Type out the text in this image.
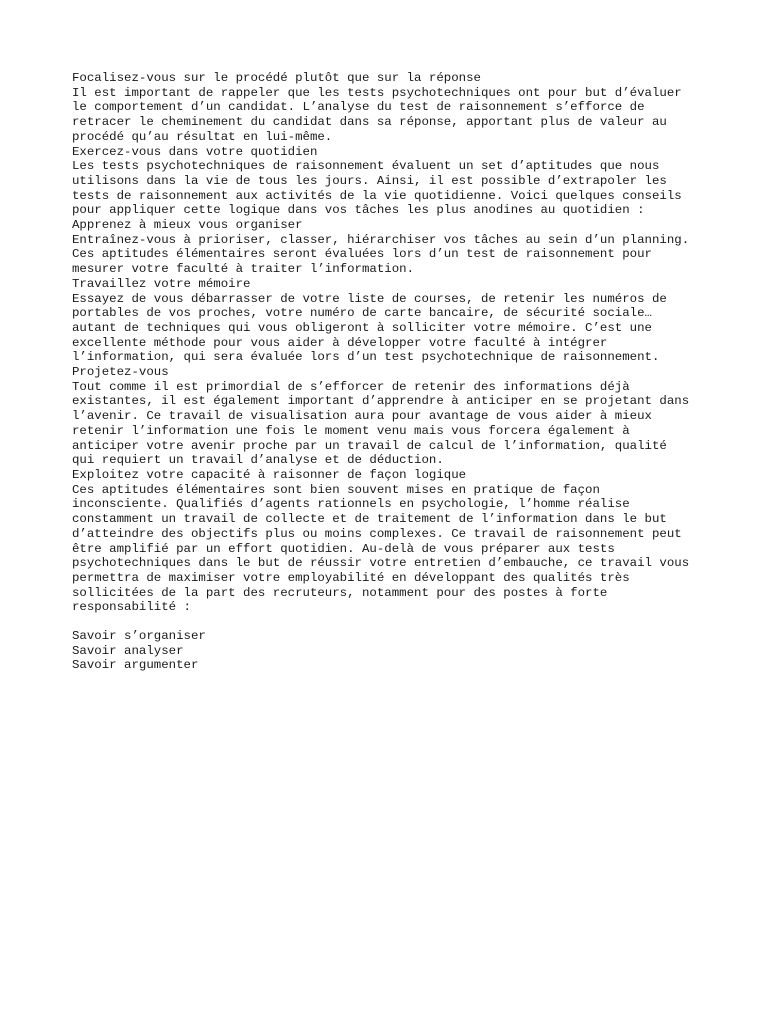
Focalisez-vous sur le procédé plutôt que sur la réponse

Il est important de rappeler que les tests psychotechniques ont pour but d’évaluer
le comportement d’un candidat. L’analyse du test de raisonnement s’efforce de
retracer le cheminement du candidat dans sa réponse, apportant plus de valeur au
procédé qu’au résultat en lui-même.

Exercez-vous dans votre quotidien

Les tests psychotechniques de raisonnement évaluent un set d’aptitudes que nous
utilisons dans la vie de tous les jours. Ainsi, il est possible d’extrapoler les
tests de raisonnement aux activités de la vie quotidienne. Voici quelques conseils
pour appliquer cette logique dans vos tâches les plus anodines au quotidien :

Apprenez à mieux vous organiser

Entraînez-vous à prioriser, classer, hiérarchiser vos tâches au sein d’un planning.
Ces aptitudes élémentaires seront évaluées lors d’un test de raisonnement pour
mesurer votre faculté à traiter l’information.

Travaillez votre mémoire

Essayez de vous débarrasser de votre liste de courses, de retenir les numéros de
portables de vos proches, votre numéro de carte bancaire, de sécurité sociale…
autant de techniques qui vous obligeront à solliciter votre mémoire. C’est une
excellente méthode pour vous aider à développer votre faculté à intégrer
l’information, qui sera évaluée lors d’un test psychotechnique de raisonnement.

Projetez-vous

Tout comme il est primordial de s’efforcer de retenir des informations déjà
existantes, il est également important d’apprendre à anticiper en se projetant dans
l’avenir. Ce travail de visualisation aura pour avantage de vous aider à mieux
retenir l’information une fois le moment venu mais vous forcera également à
anticiper votre avenir proche par un travail de calcul de l’information, qualité
qui requiert un travail d’analyse et de déduction.

Exploitez votre capacité à raisonner de façon logique

Ces aptitudes élémentaires sont bien souvent mises en pratique de façon
inconsciente. Qualifiés d’agents rationnels en psychologie, l’homme réalise
constamment un travail de collecte et de traitement de l’information dans le but
d’atteindre des objectifs plus ou moins complexes. Ce travail de raisonnement peut
être amplifié par un effort quotidien. Au-delà de vous préparer aux tests
psychotechniques dans le but de réussir votre entretien d’embauche, ce travail vous
permettra de maximiser votre employabilité en développant des qualités très
sollicitées de la part des recruteurs, notamment pour des postes à forte
responsabilité :

Savoir s’organiser

Savoir analyser

Savoir argumenter
